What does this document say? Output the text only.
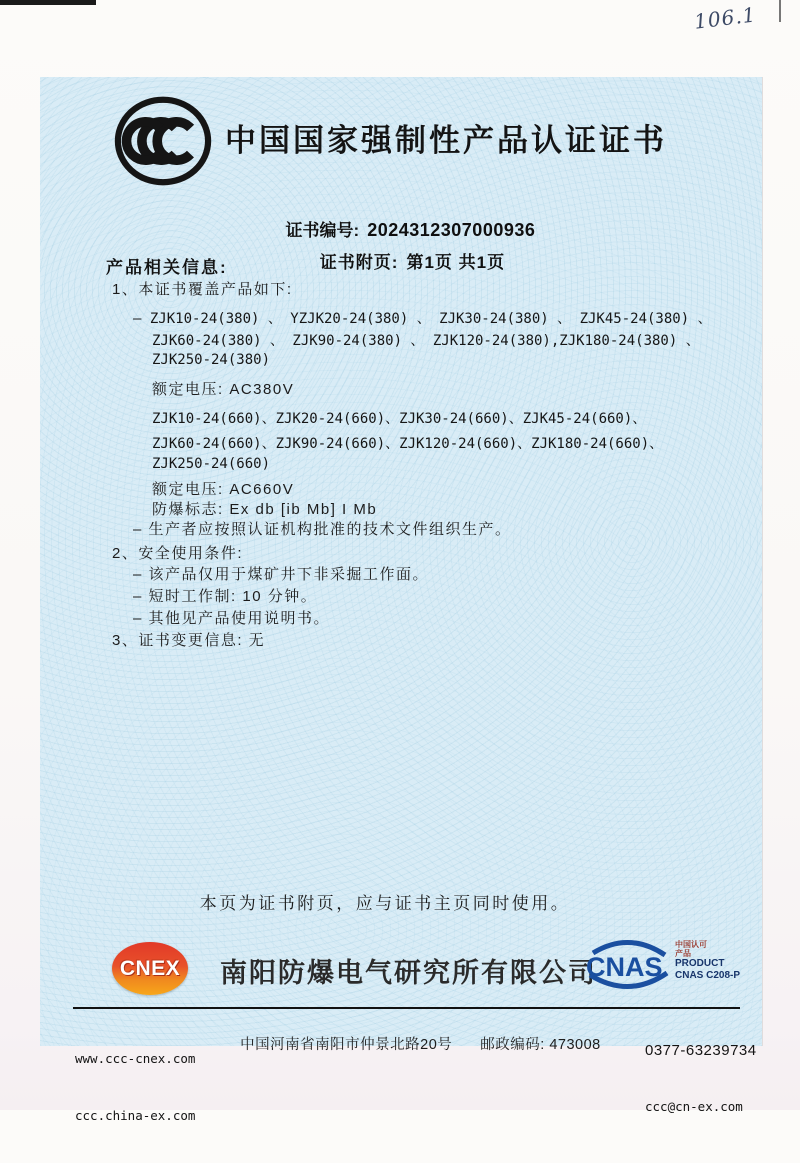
106.1
中国国家强制性产品认证证书

证书编号: 2024312307000936

证书附页: 第1页 共1页

产品相关信息:
1、本证书覆盖产品如下:
– ZJK10-24(380) 、 YZJK20-24(380) 、 ZJK30-24(380) 、 ZJK45-24(380) 、
ZJK60-24(380) 、 ZJK90-24(380) 、 ZJK120-24(380),ZJK180-24(380) 、
ZJK250-24(380)
额定电压: AC380V
ZJK10-24(660)、ZJK20-24(660)、ZJK30-24(660)、ZJK45-24(660)、
ZJK60-24(660)、ZJK90-24(660)、ZJK120-24(660)、ZJK180-24(660)、
ZJK250-24(660)
额定电压: AC660V
防爆标志: Ex db [ib Mb] I Mb
– 生产者应按照认证机构批准的技术文件组织生产。
2、安全使用条件:
– 该产品仅用于煤矿井下非采掘工作面。
– 短时工作制: 10 分钟。
– 其他见产品使用说明书。
3、证书变更信息: 无
本页为证书附页，应与证书主页同时使用。
CNEX 南阳防爆电气研究所有限公司
CNAS
中国认可
产品
PRODUCT
CNAS C208-P

www.ccc-cnex.com

ccc.china-ex.com

中国河南省南阳市仲景北路20号 邮政编码: 473008

	0377-63239734

ccc@cn-ex.com
